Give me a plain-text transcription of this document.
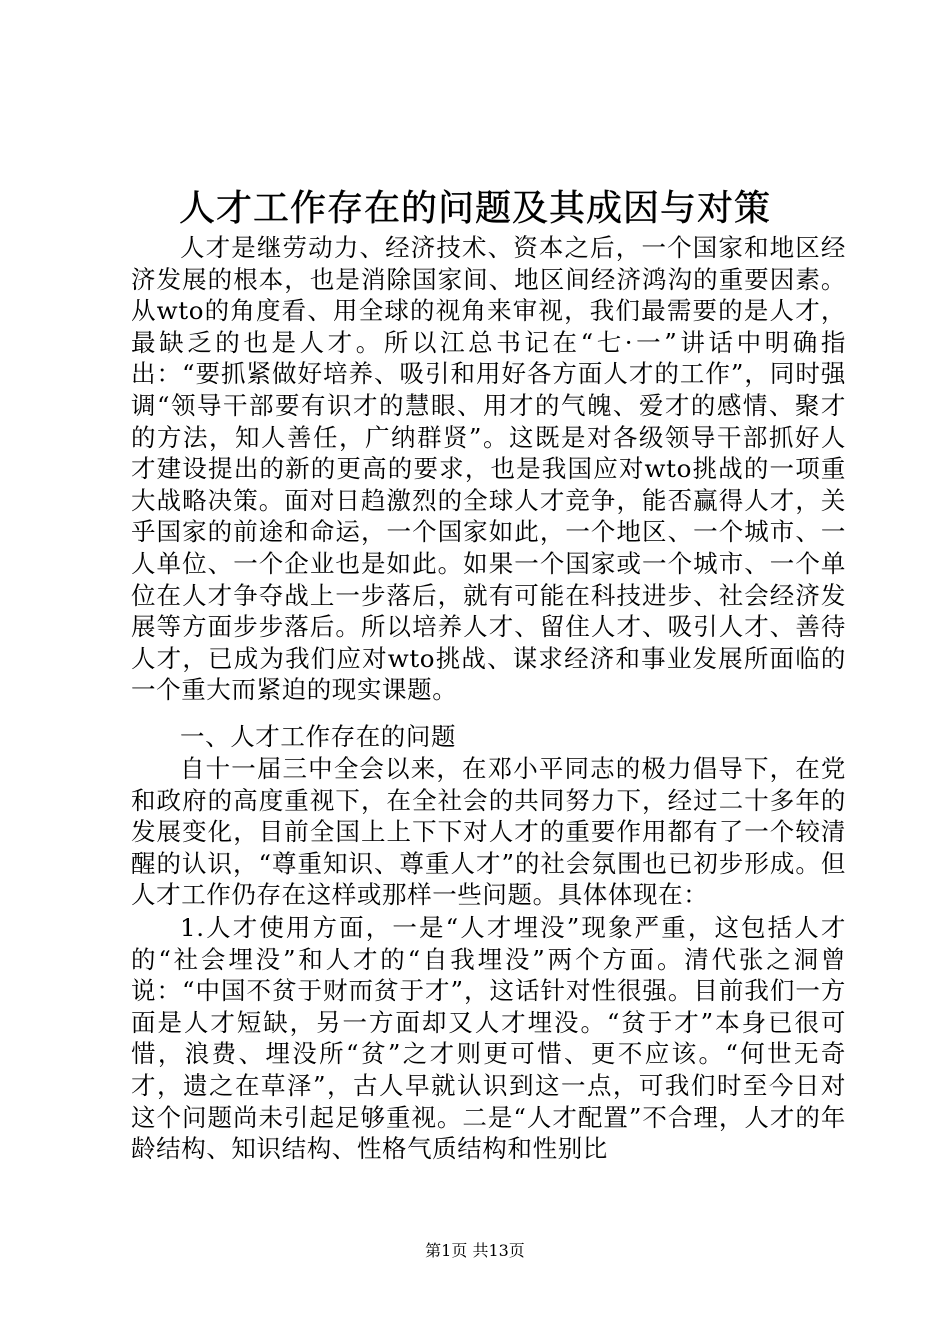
人才工作存在的问题及其成因与对策

人才是继劳动力、经济技术、资本之后，一个国家和地区经济发展的根本，也是消除国家间、地区间经济鸿沟的重要因素。从wto的角度看、用全球的视角来审视，我们最需要的是人才，最缺乏的也是人才。所以江总书记在“七·一”讲话中明确指出：“要抓紧做好培养、吸引和用好各方面人才的工作”，同时强调“领导干部要有识才的慧眼、用才的气魄、爱才的感情、聚才的方法，知人善任，广纳群贤”。这既是对各级领导干部抓好人才建设提出的新的更高的要求，也是我国应对wto挑战的一项重大战略决策。面对日趋激烈的全球人才竞争，能否赢得人才，关乎国家的前途和命运，一个国家如此，一个地区、一个城市、一人单位、一个企业也是如此。如果一个国家或一个城市、一个单位在人才争夺战上一步落后，就有可能在科技进步、社会经济发展等方面步步落后。所以培养人才、留住人才、吸引人才、善待人才，已成为我们应对wto挑战、谋求经济和事业发展所面临的一个重大而紧迫的现实课题。

一、人才工作存在的问题

自十一届三中全会以来，在邓小平同志的极力倡导下，在党和政府的高度重视下，在全社会的共同努力下，经过二十多年的发展变化，目前全国上上下下对人才的重要作用都有了一个较清醒的认识，“尊重知识、尊重人才”的社会氛围也已初步形成。但人才工作仍存在这样或那样一些问题。具体体现在：

1.人才使用方面，一是“人才埋没”现象严重，这包括人才的“社会埋没”和人才的“自我埋没”两个方面。清代张之洞曾说：“中国不贫于财而贫于才”，这话针对性很强。目前我们一方面是人才短缺，另一方面却又人才埋没。“贫于才”本身已很可惜，浪费、埋没所“贫”之才则更可惜、更不应该。“何世无奇才，遗之在草泽”，古人早就认识到这一点，可我们时至今日对这个问题尚未引起足够重视。二是“人才配置”不合理，人才的年龄结构、知识结构、性格气质结构和性别比

第1页 共13页
